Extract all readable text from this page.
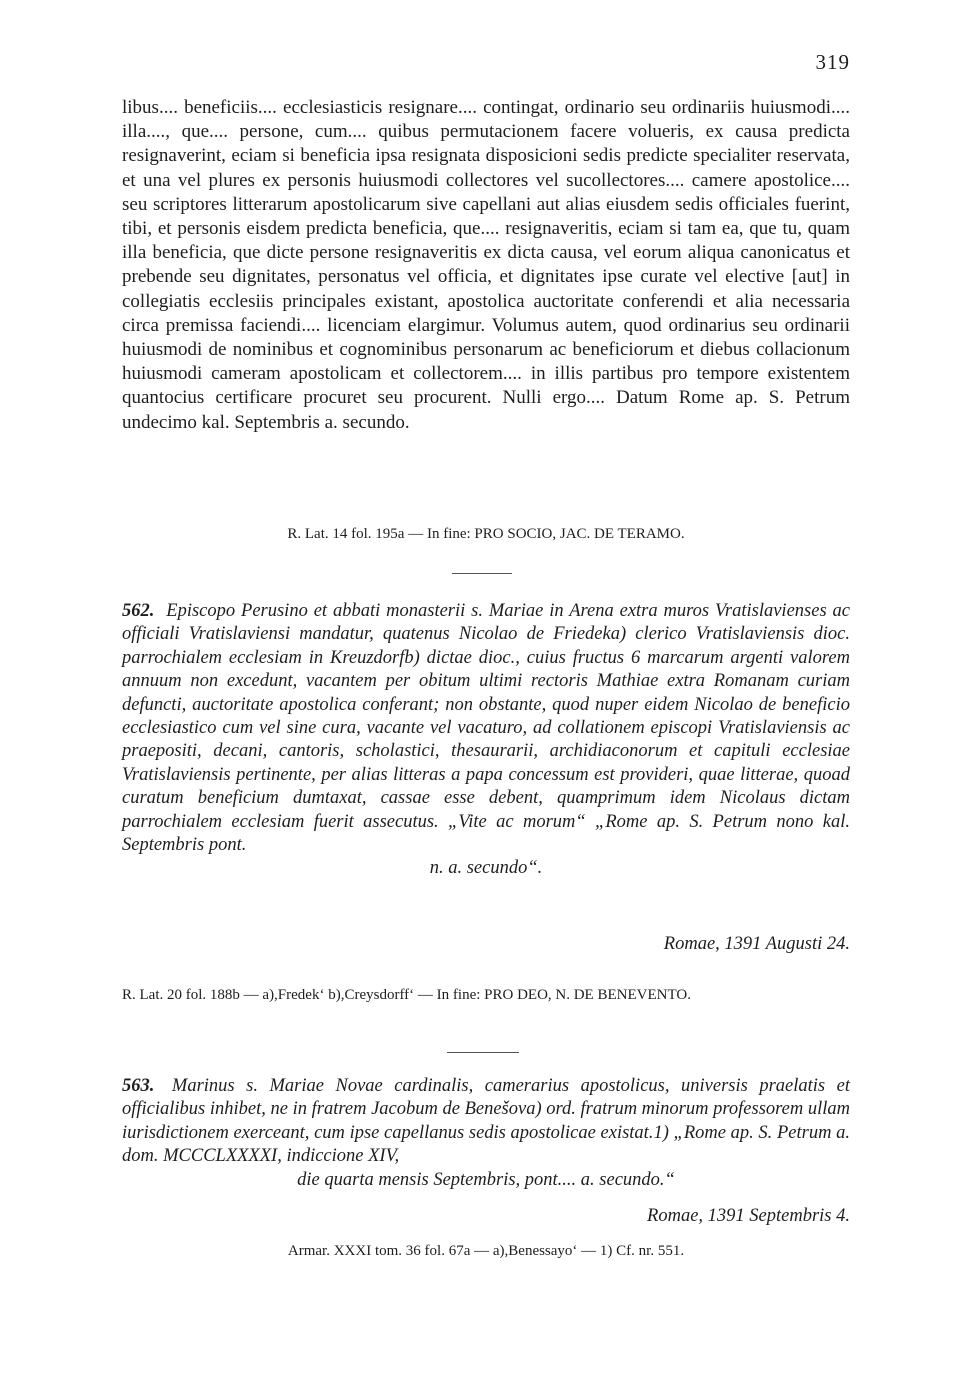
319

libus.... beneficiis.... ecclesiasticis resignare.... contingat, ordinario seu ordinariis huiusmodi.... illa...., que.... persone, cum.... quibus permutacionem facere volueris, ex causa predicta resignaverint, eciam si beneficia ipsa resignata disposicioni sedis predicte specialiter reservata, et una vel plures ex personis huiusmodi collectores vel sucollectores.... camere apostolice.... seu scriptores litterarum apostolicarum sive capellani aut alias eiusdem sedis officiales fuerint, tibi, et personis eisdem predicta beneficia, que.... resignaveritis, eciam si tam ea, que tu, quam illa beneficia, que dicte persone resignaveritis ex dicta causa, vel eorum aliqua canonicatus et prebende seu dignitates, personatus vel officia, et dignitates ipse curate vel elective [aut] in collegiatis ecclesiis principales existant, apostolica auctoritate conferendi et alia necessaria circa premissa faciendi.... licenciam elargimur. Volumus autem, quod ordinarius seu ordinarii huiusmodi de nominibus et cognominibus personarum ac beneficiorum et diebus collacionum huiusmodi cameram apostolicam et collectorem.... in illis partibus pro tempore existentem quantocius certificare procuret seu procurent. Nulli ergo.... Datum Rome ap. S. Petrum undecimo kal. Septembris a. secundo.

R. Lat. 14 fol. 195a — In fine: PRO SOCIO, JAC. DE TERAMO.

562. Episcopo Perusino et abbati monasterii s. Mariae in Arena extra muros Vratislavienses ac officiali Vratislaviensi mandatur, quatenus Nicolao de Friedeka) clerico Vratislaviensis dioc. parrochialem ecclesiam in Kreuzdorfb) dictae dioc., cuius fructus 6 marcarum argenti valorem annuum non excedunt, vacantem per obitum ultimi rectoris Mathiae extra Romanam curiam defuncti, auctoritate apostolica conferant; non obstante, quod nuper eidem Nicolao de beneficio ecclesiastico cum vel sine cura, vacante vel vacaturo, ad collationem episcopi Vratislaviensis ac praepositi, decani, cantoris, scholastici, thesaurarii, archidiaconorum et capituli ecclesiae Vratislaviensis pertinente, per alias litteras a papa concessum est provideri, quae litterae, quoad curatum beneficium dumtaxat, cassae esse debent, quamprimum idem Nicolaus dictam parrochialem ecclesiam fuerit assecutus. „Vite ac morum“ „Rome ap. S. Petrum nono kal. Septembris pont.
n. a. secundo“.

Romae, 1391 Augusti 24.

R. Lat. 20 fol. 188b — a),Fredek‘ b),Creysdorff‘ — In fine: PRO DEO, N. DE BENEVENTO.

563. Marinus s. Mariae Novae cardinalis, camerarius apostolicus, universis praelatis et officialibus inhibet, ne in fratrem Jacobum de Benešova) ord. fratrum minorum professorem ullam iurisdictionem exerceant, cum ipse capellanus sedis apostolicae existat.1) „Rome ap. S. Petrum a. dom. MCCCLXXXXI, indiccione XIV,
die quarta mensis Septembris, pont.... a. secundo.“

Romae, 1391 Septembris 4.

Armar. XXXI tom. 36 fol. 67a — a),Benessayo‘ — 1) Cf. nr. 551.
